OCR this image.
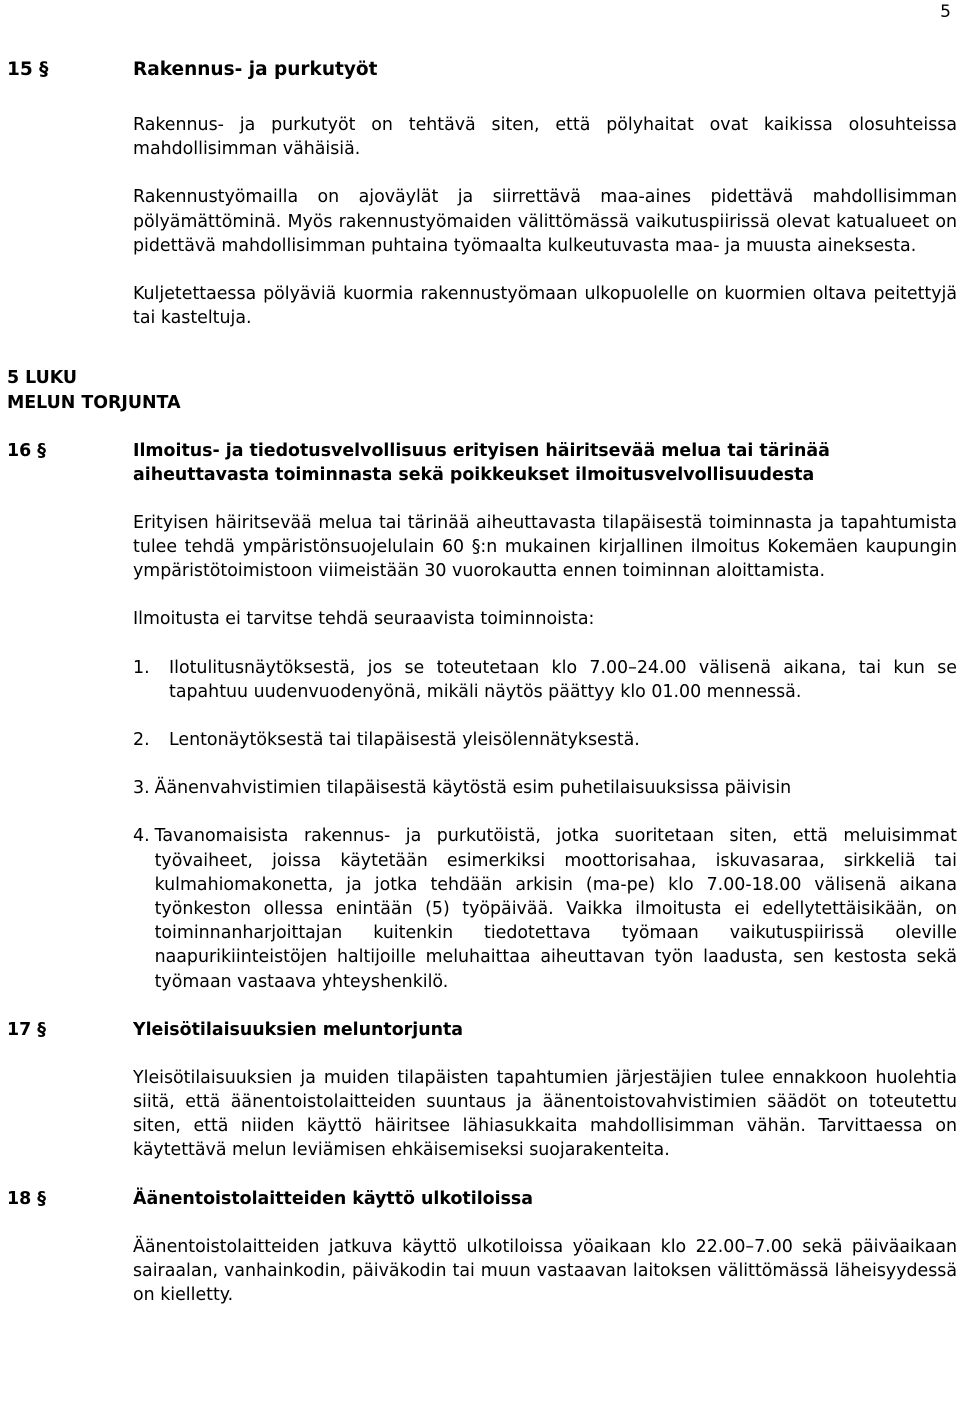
5
15 §	Rakennus- ja purkutyöt

Rakennus- ja purkutyöt on tehtävä siten, että pölyhaitat ovat kaikissa olosuhteissa mahdollisimman vähäisiä.

Rakennustyömailla on ajoväylät ja siirrettävä maa-aines pidettävä mahdollisimman pölyämättöminä. Myös rakennustyömaiden välittömässä vaikutuspiirissä olevat katualueet on pidettävä mahdollisimman puhtaina työmaalta kulkeutuvasta maa- ja muusta aineksesta.

Kuljetettaessa pölyäviä kuormia rakennustyömaan ulkopuolelle on kuormien oltava peitettyjä tai kasteltuja.

5 LUKU
MELUN TORJUNTA
16 §	Ilmoitus- ja tiedotusvelvollisuus erityisen häiritsevää melua tai tärinää aiheuttavasta toiminnasta sekä poikkeukset ilmoitusvelvollisuudesta

Erityisen häiritsevää melua tai tärinää aiheuttavasta tilapäisestä toiminnasta ja tapahtumista tulee tehdä ympäristönsuojelulain 60 §:n mukainen kirjallinen ilmoitus Kokemäen kaupungin ympäristötoimistoon viimeistään 30 vuorokautta ennen toiminnan aloittamista.

Ilmoitusta ei tarvitse tehdä seuraavista toiminnoista:

1.	Ilotulitusnäytöksestä, jos se toteutetaan klo 7.00–24.00 välisenä aikana, tai kun se tapahtuu uudenvuodenyönä, mikäli näytös päättyy klo 01.00 mennessä.
2.	Lentonäytöksestä tai tilapäisestä yleisölennätyksestä.
3. Äänenvahvistimien tilapäisestä käytöstä esim puhetilaisuuksissa päivisin
4. Tavanomaisista rakennus- ja purkutöistä, jotka suoritetaan siten, että meluisimmat työvaiheet, joissa käytetään esimerkiksi moottorisahaa, iskuvasaraa, sirkkeliä tai kulmahiomakonetta, ja jotka tehdään arkisin (ma-pe) klo 7.00-18.00 välisenä aikana työnkeston ollessa enintään (5) työpäivää. Vaikka ilmoitusta ei edellytettäisikään, on toiminnanharjoittajan kuitenkin tiedotettava työmaan vaikutuspiirissä oleville naapurikiinteistöjen haltijoille meluhaittaa aiheuttavan työn laadusta, sen kestosta sekä työmaan vastaava yhteyshenkilö.
17 §	Yleisötilaisuuksien meluntorjunta

Yleisötilaisuuksien ja muiden tilapäisten tapahtumien järjestäjien tulee ennakkoon huolehtia siitä, että äänentoistolaitteiden suuntaus ja äänentoistovahvistimien säädöt on toteutettu siten, että niiden käyttö häiritsee lähiasukkaita mahdollisimman vähän. Tarvittaessa on käytettävä melun leviämisen ehkäisemiseksi suojarakenteita.

18 §	Äänentoistolaitteiden käyttö ulkotiloissa

Äänentoistolaitteiden jatkuva käyttö ulkotiloissa yöaikaan klo 22.00–7.00 sekä päiväaikaan sairaalan, vanhainkodin, päiväkodin tai muun vastaavan laitoksen välittömässä läheisyydessä on kielletty.
